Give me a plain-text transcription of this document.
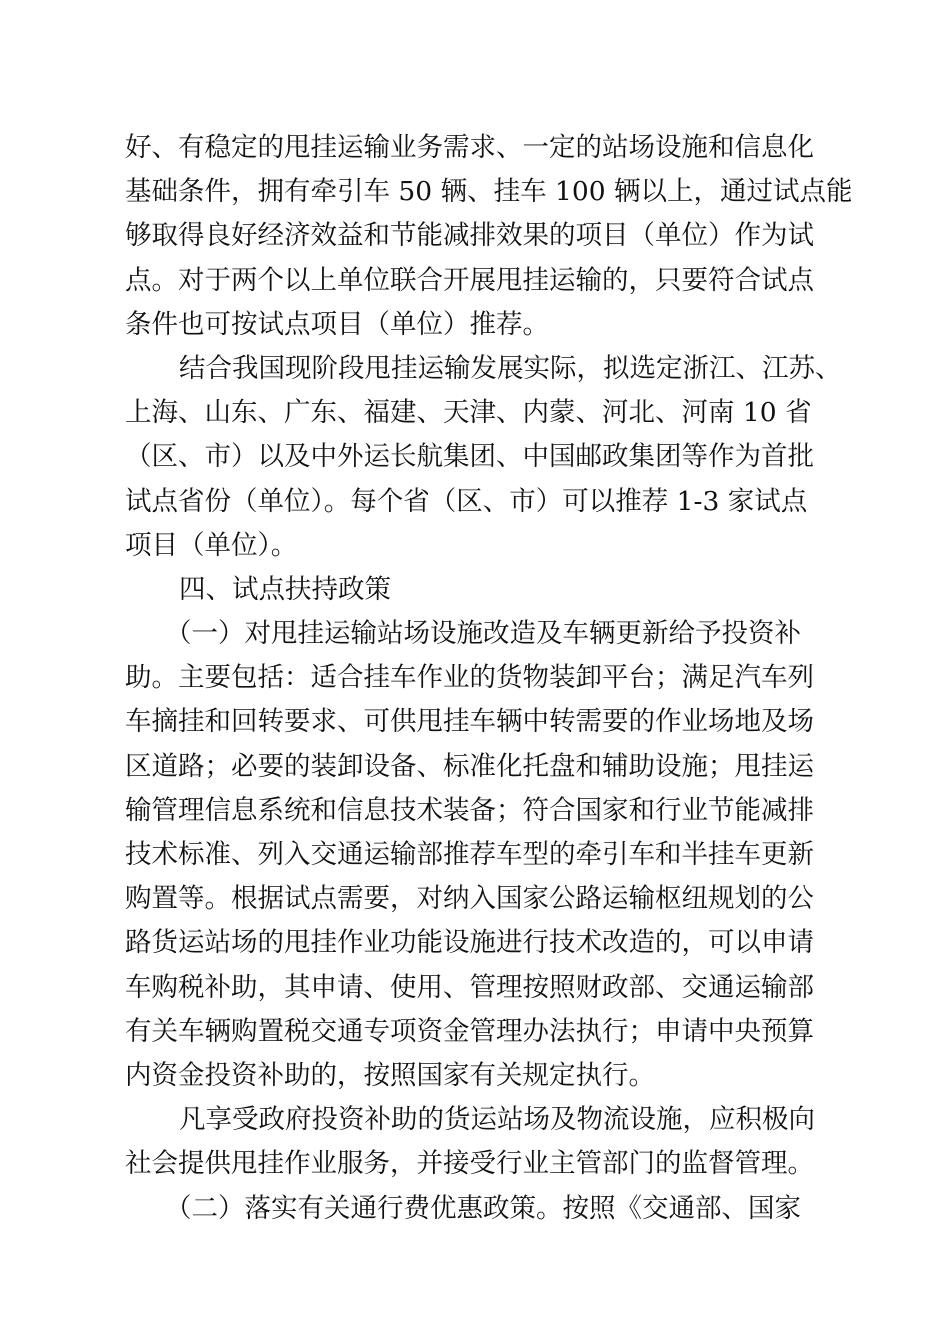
好、有稳定的甩挂运输业务需求、一定的站场设施和信息化
基础条件，拥有牵引车 50 辆、挂车 100 辆以上，通过试点能
够取得良好经济效益和节能减排效果的项目（单位）作为试
点。对于两个以上单位联合开展甩挂运输的，只要符合试点
条件也可按试点项目（单位）推荐。
结合我国现阶段甩挂运输发展实际，拟选定浙江、江苏、
上海、山东、广东、福建、天津、内蒙、河北、河南 10 省
（区、市）以及中外运长航集团、中国邮政集团等作为首批
试点省份（单位）。每个省（区、市）可以推荐 1-3 家试点
项目（单位）。
四、试点扶持政策
（一）对甩挂运输站场设施改造及车辆更新给予投资补
助。主要包括：适合挂车作业的货物装卸平台；满足汽车列
车摘挂和回转要求、可供甩挂车辆中转需要的作业场地及场
区道路；必要的装卸设备、标准化托盘和辅助设施；甩挂运
输管理信息系统和信息技术装备；符合国家和行业节能减排
技术标准、列入交通运输部推荐车型的牵引车和半挂车更新
购置等。根据试点需要，对纳入国家公路运输枢纽规划的公
路货运站场的甩挂作业功能设施进行技术改造的，可以申请
车购税补助，其申请、使用、管理按照财政部、交通运输部
有关车辆购置税交通专项资金管理办法执行；申请中央预算
内资金投资补助的，按照国家有关规定执行。
凡享受政府投资补助的货运站场及物流设施，应积极向
社会提供甩挂作业服务，并接受行业主管部门的监督管理。
（二）落实有关通行费优惠政策。按照《交通部、国家
